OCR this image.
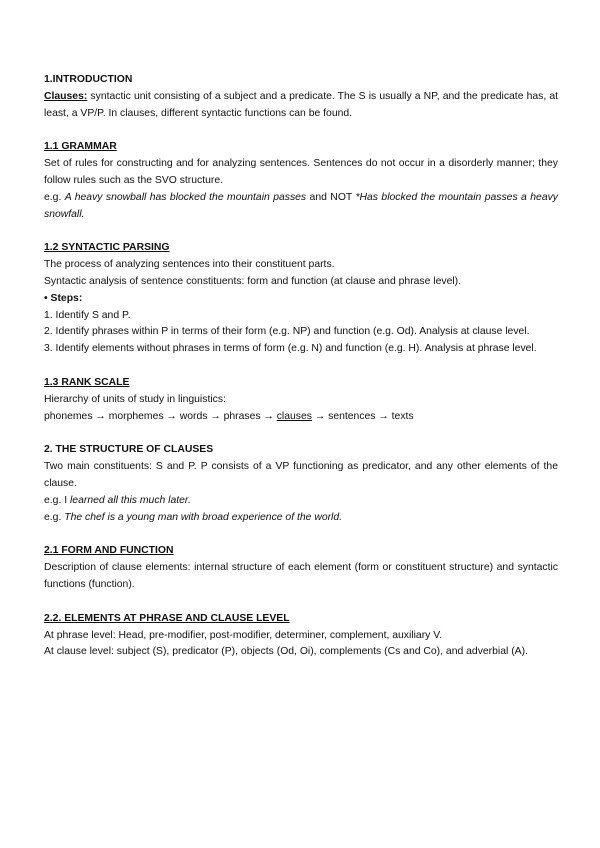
1.INTRODUCTION

Clauses: syntactic unit consisting of a subject and a predicate. The S is usually a NP, and the predicate has, at least, a VP/P. In clauses, different syntactic functions can be found.

1.1 GRAMMAR

Set of rules for constructing and for analyzing sentences. Sentences do not occur in a disorderly manner; they follow rules such as the SVO structure.

e.g. A heavy snowball has blocked the mountain passes and NOT *Has blocked the mountain passes a heavy snowfall.

1.2 SYNTACTIC PARSING

The process of analyzing sentences into their constituent parts.

Syntactic analysis of sentence constituents: form and function (at clause and phrase level).

• Steps:

1. Identify S and P.

2. Identify phrases within P in terms of their form (e.g. NP) and function (e.g. Od). Analysis at clause level.

3. Identify elements without phrases in terms of form (e.g. N) and function (e.g. H). Analysis at phrase level.

1.3 RANK SCALE

Hierarchy of units of study in linguistics:

phonemes → morphemes → words → phrases → clauses → sentences → texts

2. THE STRUCTURE OF CLAUSES

Two main constituents: S and P. P consists of a VP functioning as predicator, and any other elements of the clause.

e.g. I learned all this much later.

e.g. The chef is a young man with broad experience of the world.

2.1 FORM AND FUNCTION

Description of clause elements: internal structure of each element (form or constituent structure) and syntactic functions (function).

2.2. ELEMENTS AT PHRASE AND CLAUSE LEVEL

At phrase level: Head, pre-modifier, post-modifier, determiner, complement, auxiliary V.

At clause level: subject (S), predicator (P), objects (Od, Oi), complements (Cs and Co), and adverbial (A).
